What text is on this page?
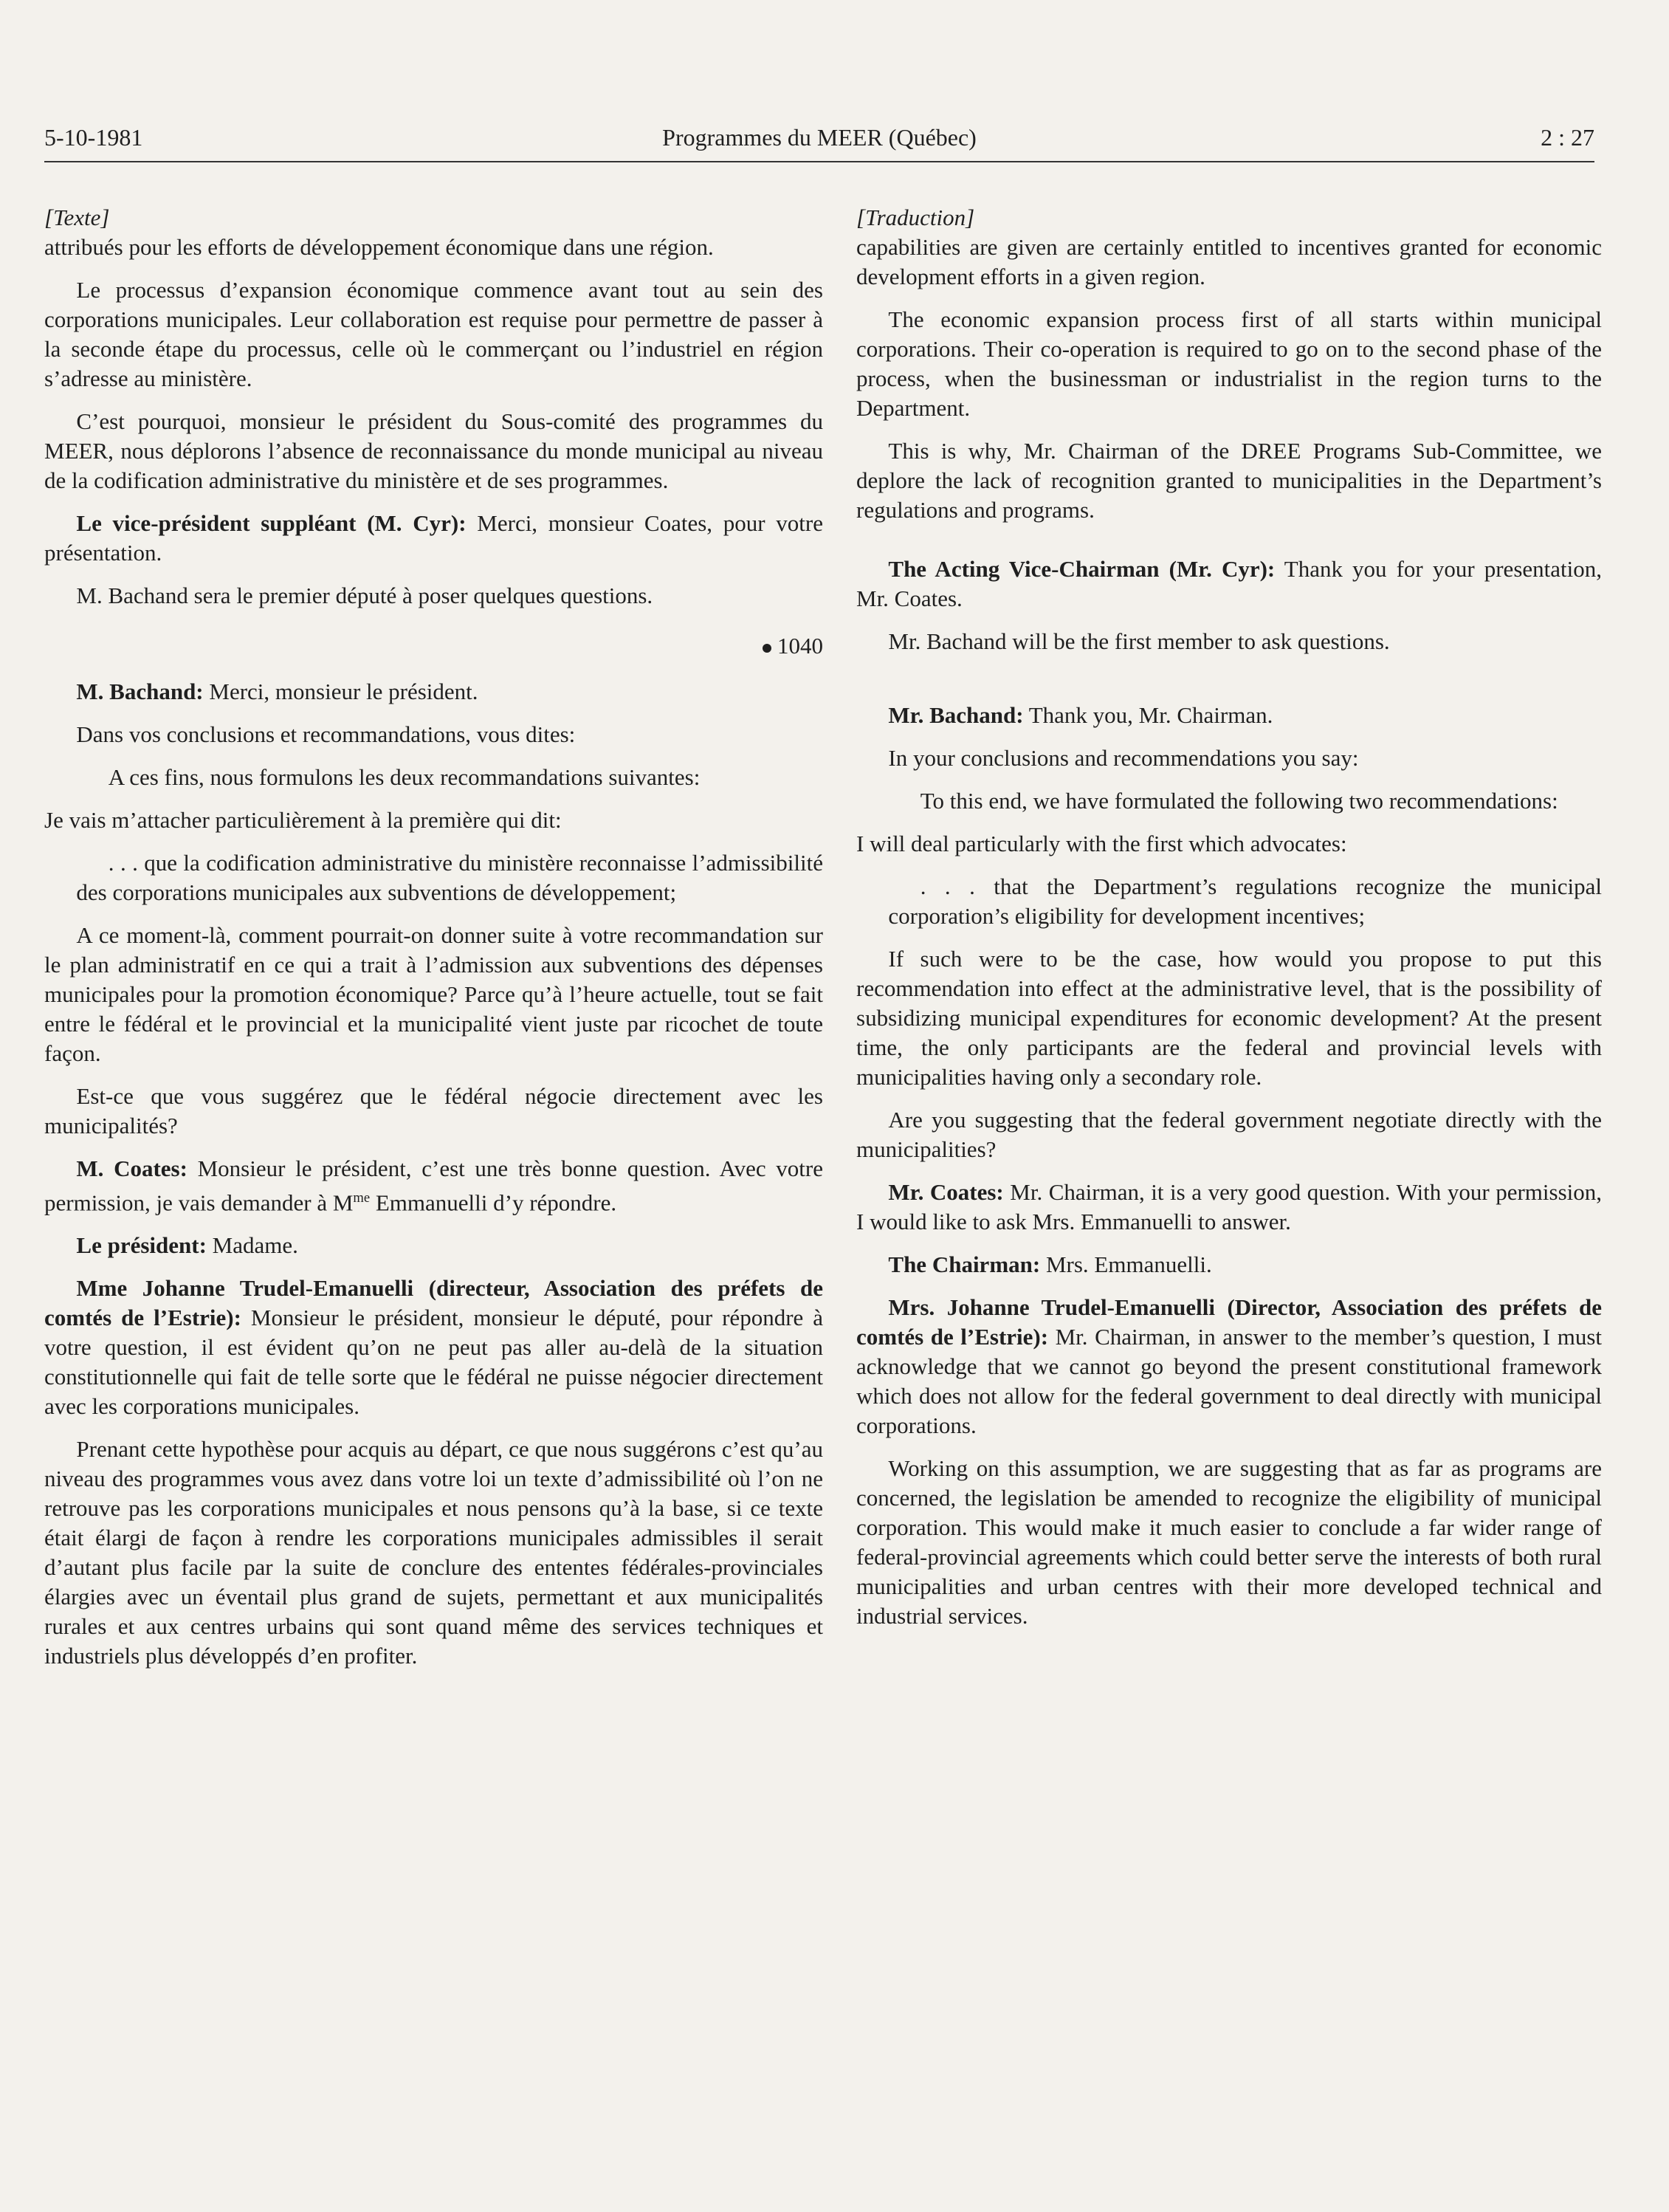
5-10-1981	Programmes du MEER (Québec)	2 : 27
[Texte]

attribués pour les efforts de développement économique dans une région.

Le processus d’expansion économique commence avant tout au sein des corporations municipales. Leur collaboration est requise pour permettre de passer à la seconde étape du processus, celle où le commerçant ou l’industriel en région s’adresse au ministère.

C’est pourquoi, monsieur le président du Sous-comité des programmes du MEER, nous déplorons l’absence de reconnaissance du monde municipal au niveau de la codification administrative du ministère et de ses programmes.

Le vice-président suppléant (M. Cyr): Merci, monsieur Coates, pour votre présentation.

M. Bachand sera le premier député à poser quelques questions.

1040

M. Bachand: Merci, monsieur le président.

Dans vos conclusions et recommandations, vous dites:

A ces fins, nous formulons les deux recommandations suivantes:

Je vais m’attacher particulièrement à la première qui dit:

. . . que la codification administrative du ministère reconnaisse l’admissibilité des corporations municipales aux subventions de développement;

A ce moment-là, comment pourrait-on donner suite à votre recommandation sur le plan administratif en ce qui a trait à l’admission aux subventions des dépenses municipales pour la promotion économique? Parce qu’à l’heure actuelle, tout se fait entre le fédéral et le provincial et la municipalité vient juste par ricochet de toute façon.

Est-ce que vous suggérez que le fédéral négocie directement avec les municipalités?

M. Coates: Monsieur le président, c’est une très bonne question. Avec votre permission, je vais demander à $M^{me}$ Emmanuelli d’y répondre.

Le président: Madame.

Mme Johanne Trudel-Emanuelli (directeur, Association des préfets de comtés de l’Estrie): Monsieur le président, monsieur le député, pour répondre à votre question, il est évident qu’on ne peut pas aller au-delà de la situation constitutionnelle qui fait de telle sorte que le fédéral ne puisse négocier directement avec les corporations municipales.

Prenant cette hypothèse pour acquis au départ, ce que nous suggérons c’est qu’au niveau des programmes vous avez dans votre loi un texte d’admissibilité où l’on ne retrouve pas les corporations municipales et nous pensons qu’à la base, si ce texte était élargi de façon à rendre les corporations municipales admissibles il serait d’autant plus facile par la suite de conclure des ententes fédérales-provinciales élargies avec un éventail plus grand de sujets, permettant et aux municipalités rurales et aux centres urbains qui sont quand même des services techniques et industriels plus développés d’en profiter.

[Traduction]

capabilities are given are certainly entitled to incentives granted for economic development efforts in a given region.

The economic expansion process first of all starts within municipal corporations. Their co-operation is required to go on to the second phase of the process, when the businessman or industrialist in the region turns to the Department.

This is why, Mr. Chairman of the DREE Programs Sub-Committee, we deplore the lack of recognition granted to municipalities in the Department’s regulations and programs.

The Acting Vice-Chairman (Mr. Cyr): Thank you for your presentation, Mr. Coates.

Mr. Bachand will be the first member to ask questions.

Mr. Bachand: Thank you, Mr. Chairman.

In your conclusions and recommendations you say:

To this end, we have formulated the following two recommendations:

I will deal particularly with the first which advocates:

. . . that the Department’s regulations recognize the municipal corporation’s eligibility for development incentives;

If such were to be the case, how would you propose to put this recommendation into effect at the administrative level, that is the possibility of subsidizing municipal expenditures for economic development? At the present time, the only participants are the federal and provincial levels with municipalities having only a secondary role.

Are you suggesting that the federal government negotiate directly with the municipalities?

Mr. Coates: Mr. Chairman, it is a very good question. With your permission, I would like to ask Mrs. Emmanuelli to answer.

The Chairman: Mrs. Emmanuelli.

Mrs. Johanne Trudel-Emanuelli (Director, Association des préfets de comtés de l’Estrie): Mr. Chairman, in answer to the member’s question, I must acknowledge that we cannot go beyond the present constitutional framework which does not allow for the federal government to deal directly with municipal corporations.

Working on this assumption, we are suggesting that as far as programs are concerned, the legislation be amended to recognize the eligibility of municipal corporation. This would make it much easier to conclude a far wider range of federal-provincial agreements which could better serve the interests of both rural municipalities and urban centres with their more developed technical and industrial services.
